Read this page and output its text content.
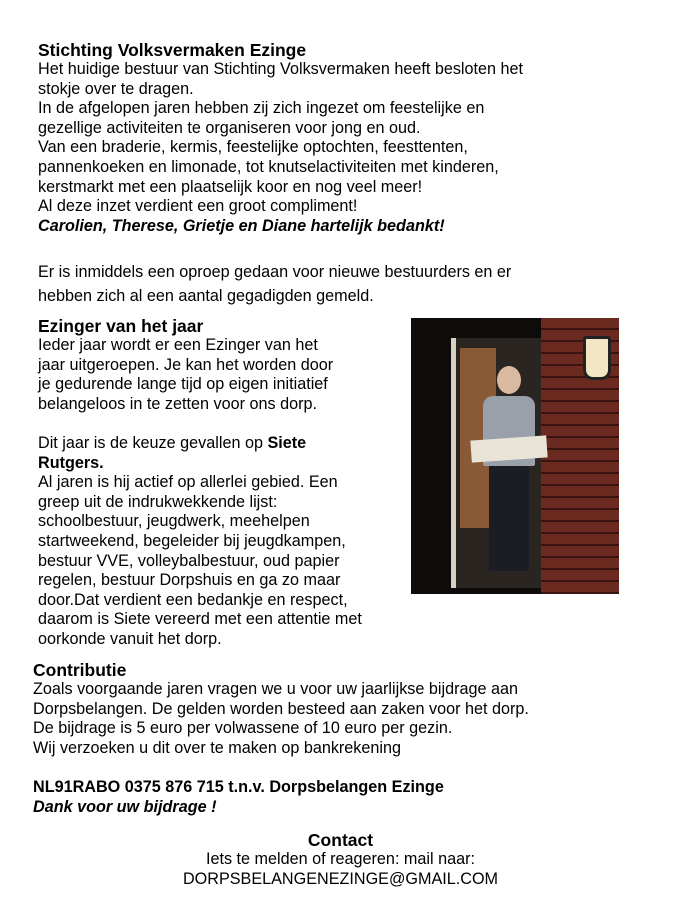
Stichting Volksvermaken Ezinge

Het huidige bestuur van Stichting Volksvermaken heeft besloten het

stokje over te dragen.

In de afgelopen jaren hebben zij zich ingezet om feestelijke en

gezellige activiteiten te organiseren voor jong en oud.

Van een braderie, kermis, feestelijke optochten, feesttenten,

pannenkoeken en limonade, tot knutselactiviteiten met kinderen,

kerstmarkt met een plaatselijk koor en nog veel meer!

Al deze inzet verdient een groot compliment!

Carolien, Therese, Grietje en Diane hartelijk bedankt!

Er is inmiddels een oproep gedaan voor nieuwe bestuurders en er

hebben zich al een aantal gegadigden gemeld.

Ezinger van het jaar

Ieder jaar wordt er een Ezinger van het

jaar uitgeroepen. Je kan het worden door

je gedurende lange tijd op eigen initiatief

belangeloos in te zetten voor ons dorp.

Dit jaar is de keuze gevallen op Siete

Rutgers.

Al jaren is hij actief op allerlei gebied. Een

greep uit de indrukwekkende lijst:

schoolbestuur, jeugdwerk, meehelpen

startweekend, begeleider bij jeugdkampen,

bestuur VVE, volleybalbestuur, oud papier

regelen, bestuur Dorpshuis en ga zo maar

door.Dat verdient een bedankje en respect,

daarom is Siete vereerd met een attentie met

oorkonde vanuit het dorp.

Contributie

Zoals voorgaande jaren vragen we u voor uw jaarlijkse bijdrage aan

Dorpsbelangen. De gelden worden besteed aan zaken voor het dorp.

De bijdrage is 5 euro per volwassene of 10 euro per gezin.

Wij verzoeken u dit over te maken op bankrekening

NL91RABO 0375 876 715 t.n.v. Dorpsbelangen Ezinge

Dank voor uw bijdrage !

Contact

Iets te melden of reageren: mail naar:

DORPSBELANGENEZINGE@GMAIL.COM
